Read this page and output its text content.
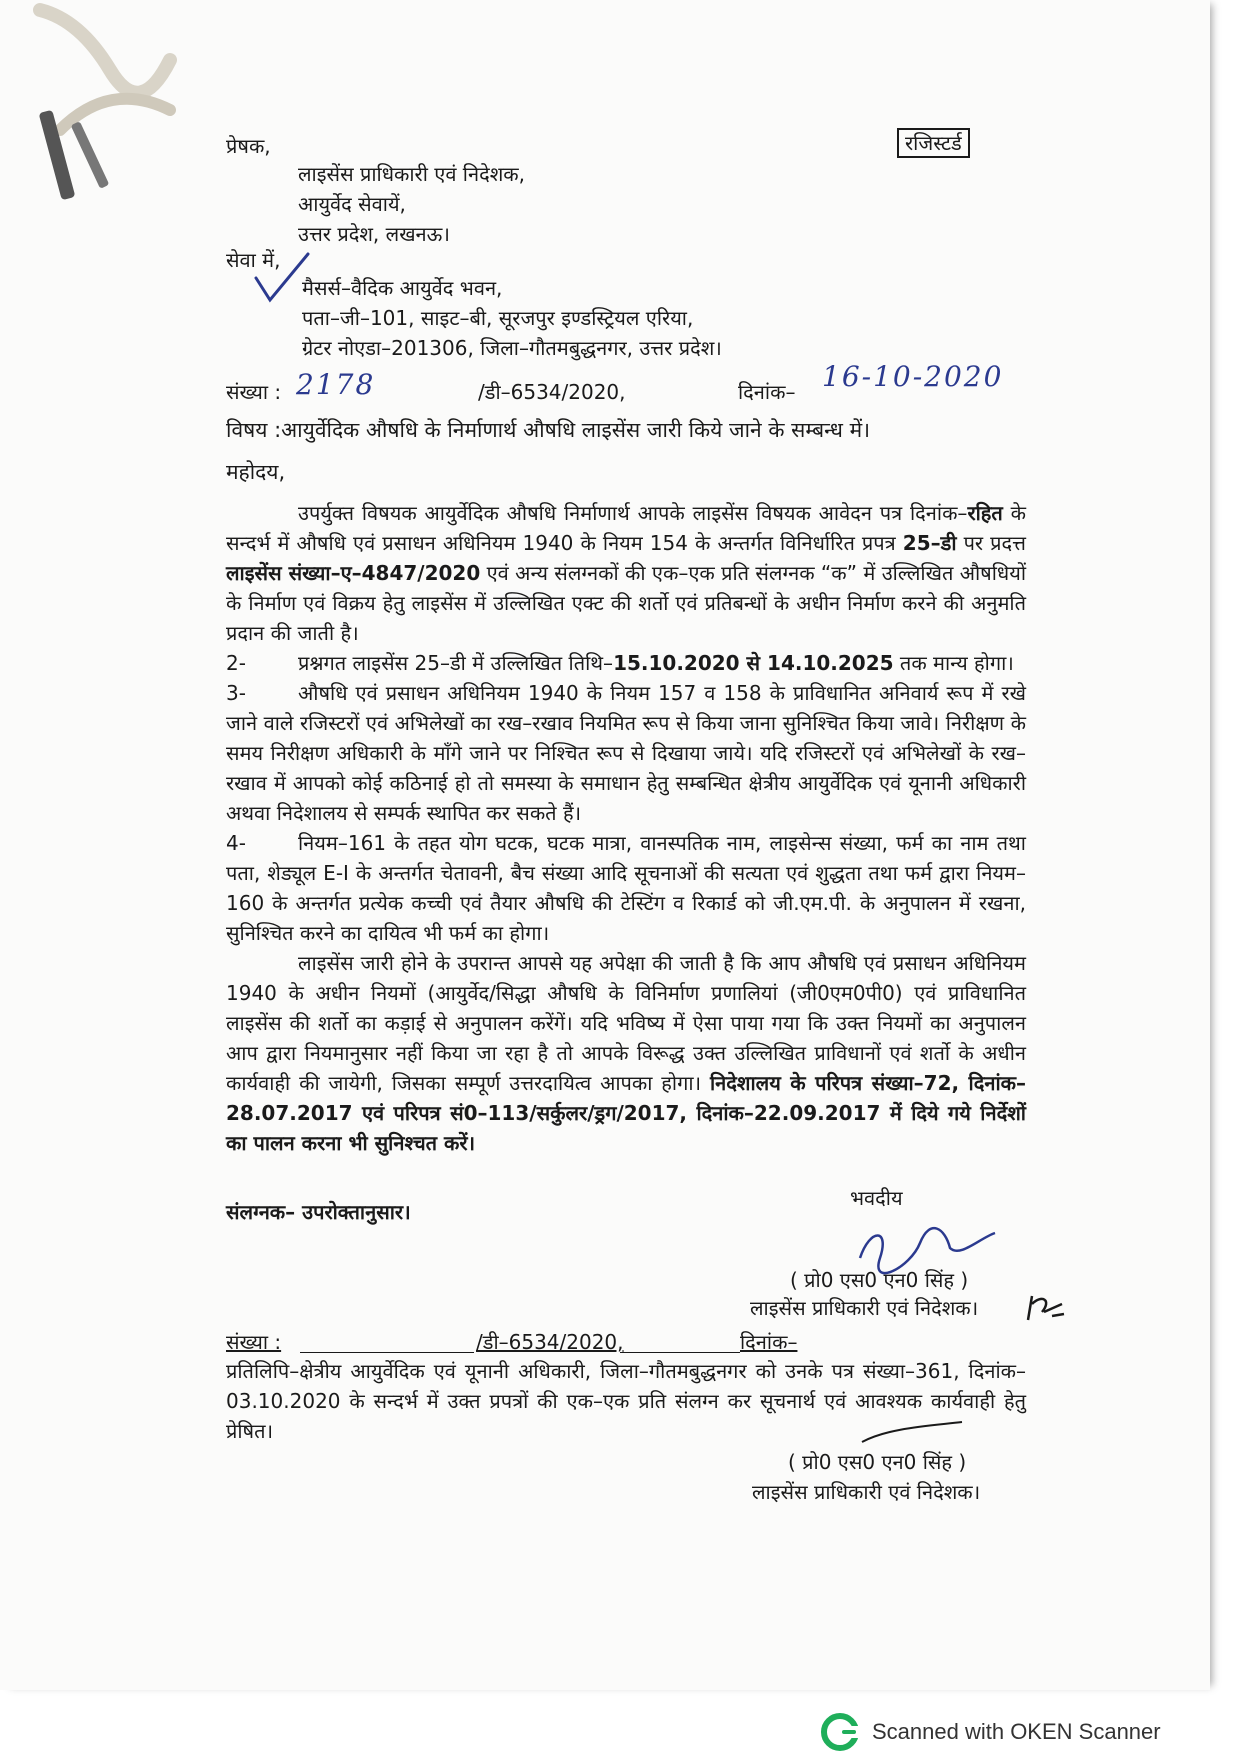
रजिस्टर्ड
प्रेषक,
लाइसेंस प्राधिकारी एवं निदेशक,
आयुर्वेद सेवायें,
उत्तर प्रदेश, लखनऊ।
सेवा में,
मैसर्स–वैदिक आयुर्वेद भवन,
पता–जी–101, साइट–बी, सूरजपुर इण्डस्ट्रियल एरिया,
ग्रेटर नोएडा–201306, जिला–गौतमबुद्धनगर, उत्तर प्रदेश।
संख्या : 2178	/डी–6534/2020,	दिनांक– 16-10-2020
विषय :आयुर्वेदिक औषधि के निर्माणार्थ औषधि लाइसेंस जारी किये जाने के सम्बन्ध में।
महोदय,

उपर्युक्त विषयक आयुर्वेदिक औषधि निर्माणार्थ आपके लाइसेंस विषयक आवेदन पत्र दिनांक–रहित के सन्दर्भ में औषधि एवं प्रसाधन अधिनियम 1940 के नियम 154 के अन्तर्गत विनिर्धारित प्रपत्र 25–डी पर प्रदत्त लाइसेंस संख्या–ए–4847/2020 एवं अन्य संलग्नकों की एक–एक प्रति संलग्नक “क” में उल्लिखित औषधियों के निर्माण एवं विक्रय हेतु लाइसेंस में उल्लिखित एक्ट की शर्तो एवं प्रतिबन्धों के अधीन निर्माण करने की अनुमति प्रदान की जाती है।

2-	प्रश्नगत लाइसेंस 25–डी में उल्लिखित तिथि–15.10.2020 से 14.10.2025 तक मान्य होगा।

3-	औषधि एवं प्रसाधन अधिनियम 1940 के नियम 157 व 158 के प्राविधानित अनिवार्य रूप में रखे जाने वाले रजिस्टरों एवं अभिलेखों का रख–रखाव नियमित रूप से किया जाना सुनिश्चित किया जावे। निरीक्षण के समय निरीक्षण अधिकारी के मॉंगे जाने पर निश्चित रूप से दिखाया जाये। यदि रजिस्टरों एवं अभिलेखों के रख–रखाव में आपको कोई कठिनाई हो तो समस्या के समाधान हेतु सम्बन्धित क्षेत्रीय आयुर्वेदिक एवं यूनानी अधिकारी अथवा निदेशालय से सम्पर्क स्थापित कर सकते हैं।

4-	नियम–161 के तहत योग घटक, घटक मात्रा, वानस्पतिक नाम, लाइसेन्स संख्या, फर्म का नाम तथा पता, शेड्यूल E-I के अन्तर्गत चेतावनी, बैच संख्या आदि सूचनाओं की सत्यता एवं शुद्धता तथा फर्म द्वारा नियम–160 के अन्तर्गत प्रत्येक कच्ची एवं तैयार औषधि की टेस्टिंग व रिकार्ड को जी.एम.पी. के अनुपालन में रखना, सुनिश्चित करने का दायित्व भी फर्म का होगा।

लाइसेंस जारी होने के उपरान्त आपसे यह अपेक्षा की जाती है कि आप औषधि एवं प्रसाधन अधिनियम 1940 के अधीन नियमों (आयुर्वेद/सिद्धा औषधि के विनिर्माण प्रणालियां (जी0एम0पी0) एवं प्राविधानित लाइसेंस की शर्तो का कड़ाई से अनुपालन करेंगें। यदि भविष्य में ऐसा पाया गया कि उक्त नियमों का अनुपालन आप द्वारा नियमानुसार नहीं किया जा रहा है तो आपके विरूद्ध उक्त उल्लिखित प्राविधानों एवं शर्तो के अधीन कार्यवाही की जायेगी, जिसका सम्पूर्ण उत्तरदायित्व आपका होगा। निदेशालय के परिपत्र संख्या–72, दिनांक–28.07.2017 एवं परिपत्र सं0–113/सर्कुलर/ड्रग/2017, दिनांक–22.09.2017 में दिये गये निर्देशों का पालन करना भी सुनिश्चत करें।

संलग्नक– उपरोक्तानुसार।
भवदीय
( प्रो0 एस0 एन0 सिंह )
लाइसेंस प्राधिकारी एवं निदेशक।
संख्या :	/डी–6534/2020,	दिनांक–
प्रतिलिपि–क्षेत्रीय आयुर्वेदिक एवं यूनानी अधिकारी, जिला–गौतमबुद्धनगर को उनके पत्र संख्या–361, दिनांक–03.10.2020 के सन्दर्भ में उक्त प्रपत्रों की एक–एक प्रति संलग्न कर सूचनार्थ एवं आवश्यक कार्यवाही हेतु प्रेषित।
( प्रो0 एस0 एन0 सिंह )
लाइसेंस प्राधिकारी एवं निदेशक।
Scanned with OKEN Scanner
